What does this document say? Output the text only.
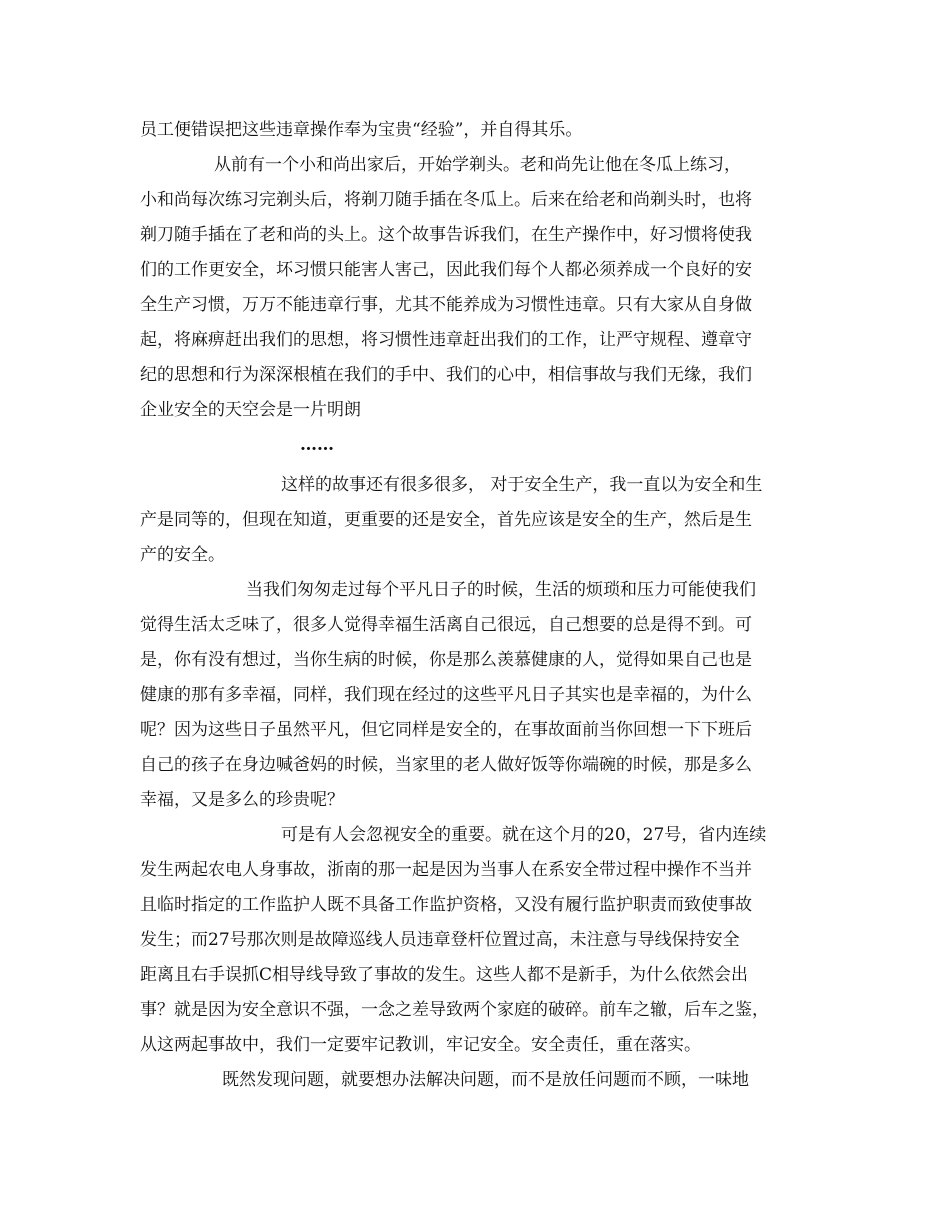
员工便错误把这些违章操作奉为宝贵“经验”，并自得其乐。
从前有一个小和尚出家后，开始学剃头。老和尚先让他在冬瓜上练习，
小和尚每次练习完剃头后，将剃刀随手插在冬瓜上。后来在给老和尚剃头时，也将
剃刀随手插在了老和尚的头上。这个故事告诉我们，在生产操作中，好习惯将使我
们的工作更安全，坏习惯只能害人害己，因此我们每个人都必须养成一个良好的安
全生产习惯，万万不能违章行事，尤其不能养成为习惯性违章。只有大家从自身做
起，将麻痹赶出我们的思想，将习惯性违章赶出我们的工作，让严守规程、遵章守
纪的思想和行为深深根植在我们的手中、我们的心中，相信事故与我们无缘，我们
企业安全的天空会是一片明朗
……
这样的故事还有很多很多， 对于安全生产，我一直以为安全和生
产是同等的，但现在知道，更重要的还是安全，首先应该是安全的生产，然后是生
产的安全。
当我们匆匆走过每个平凡日子的时候，生活的烦琐和压力可能使我们
觉得生活太乏味了，很多人觉得幸福生活离自己很远，自己想要的总是得不到。可
是，你有没有想过，当你生病的时候，你是那么羡慕健康的人，觉得如果自己也是
健康的那有多幸福，同样，我们现在经过的这些平凡日子其实也是幸福的，为什么
呢？因为这些日子虽然平凡，但它同样是安全的，在事故面前当你回想一下下班后
自己的孩子在身边喊爸妈的时候，当家里的老人做好饭等你端碗的时候，那是多么
幸福，又是多么的珍贵呢？
可是有人会忽视安全的重要。就在这个月的20，27号，省内连续
发生两起农电人身事故，浙南的那一起是因为当事人在系安全带过程中操作不当并
且临时指定的工作监护人既不具备工作监护资格，又没有履行监护职责而致使事故
发生；而27号那次则是故障巡线人员违章登杆位置过高，未注意与导线保持安全
距离且右手误抓C相导线导致了事故的发生。这些人都不是新手，为什么依然会出
事？就是因为安全意识不强，一念之差导致两个家庭的破碎。前车之辙，后车之鉴，
从这两起事故中，我们一定要牢记教训，牢记安全。安全责任，重在落实。
既然发现问题，就要想办法解决问题，而不是放任问题而不顾，一味地
